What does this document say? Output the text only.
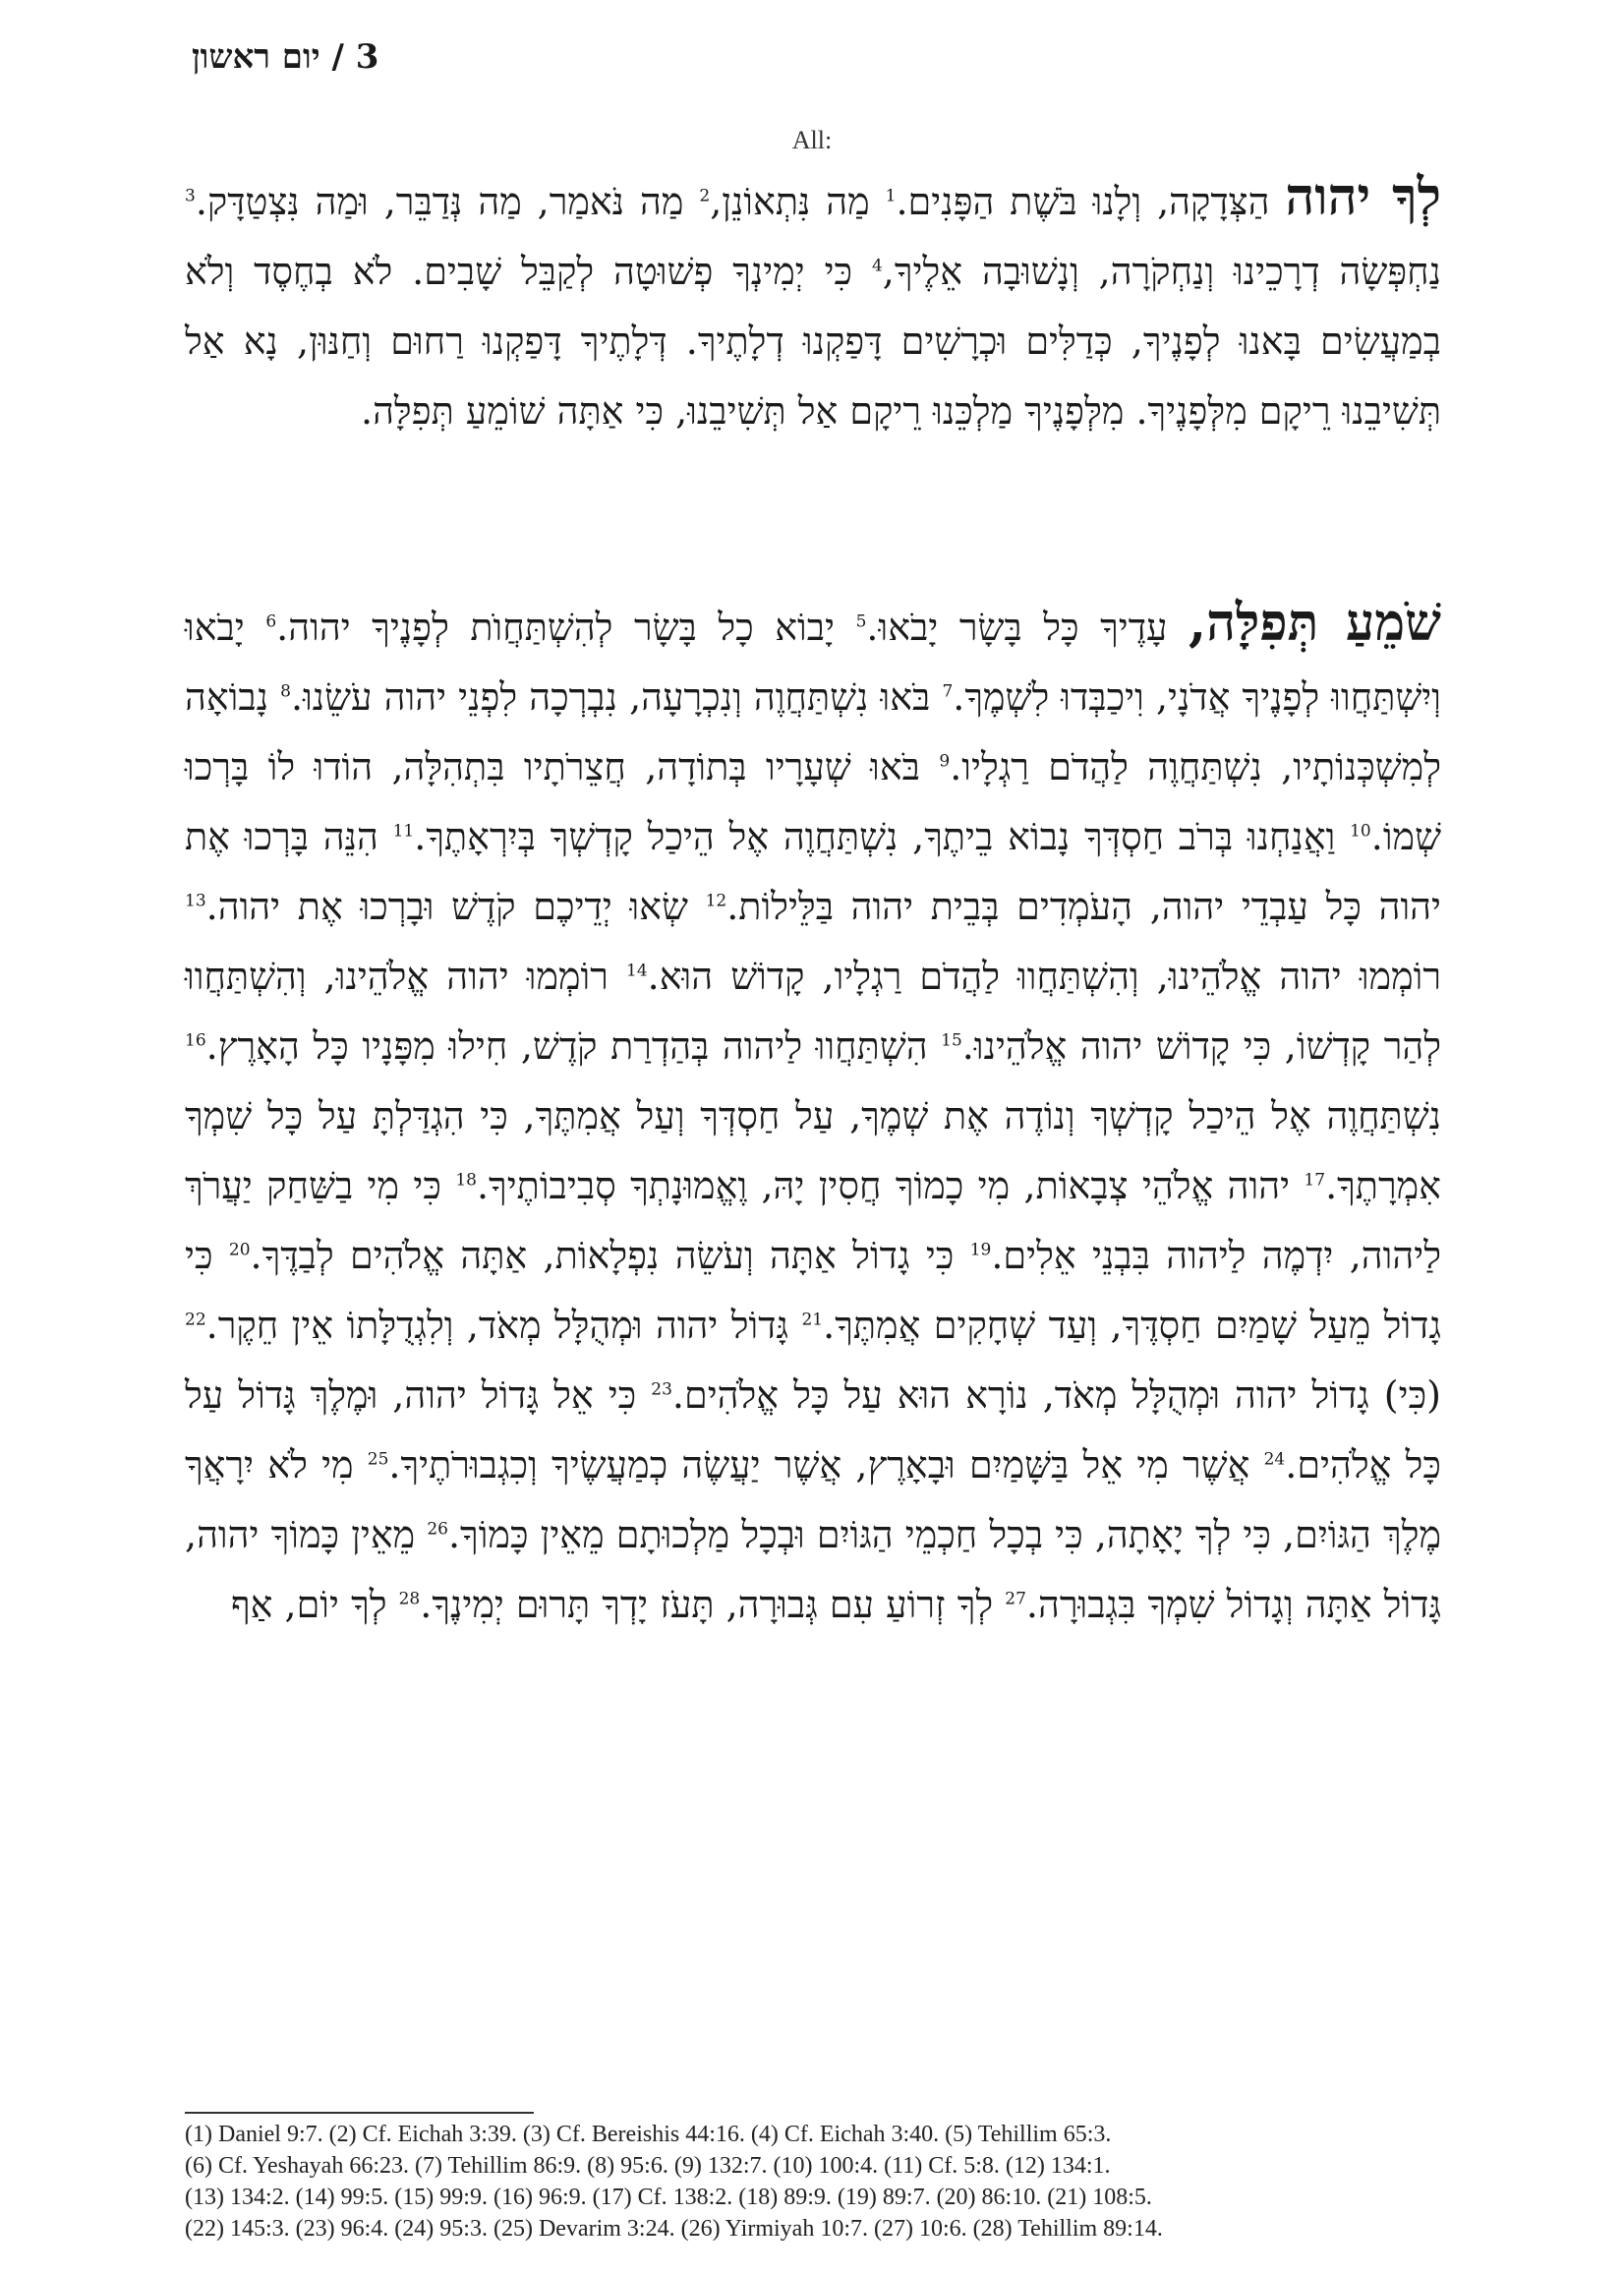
3 / יום ראשון
All:
לְךָ יהוה הַצְּדָקָה, וְלָנוּ בֹּשֶׁת הַפָּנִים.$^1$ מַה נִּתְאוֹנֵן,$^2$ מַה נֹּאמַר, מַה נְּדַבֵּר, וּמַה נִּצְטַדָּק.$^3$ נַחְפְּשָׂה דְרָכֵינוּ וְנַחְקֹרָה, וְנָשׁוּבָה אֵלֶיךָ,$^4$ כִּי יְמִינְךָ פְשׁוּטָה לְקַבֵּל שָׁבִים. לֹא בְחֶסֶד וְלֹא בְמַעֲשִׂים בָּאנוּ לְפָנֶיךָ, כְּדַלִּים וּכְרָשִׁים דָּפַקְנוּ דְלָתֶיךָ. דְּלָתֶיךָ דָּפַקְנוּ רַחוּם וְחַנּוּן, נָא אַל תְּשִׁיבֵנוּ רֵיקָם מִלְּפָנֶיךָ. מִלְּפָנֶיךָ מַלְכֵּנוּ רֵיקָם אַל תְּשִׁיבֵנוּ, כִּי אַתָּה שׁוֹמֵעַ תְּפִלָּה.
שֹׁמֵעַ תְּפִלָּה, עָדֶיךָ כָּל בָּשָׂר יָבֹאוּ.$^5$ יָבוֹא כָל בָּשָׂר לְהִשְׁתַּחֲוֺת לְפָנֶיךָ יהוה.$^6$ יָבֹאוּ וְיִשְׁתַּחֲווּ לְפָנֶיךָ אֲדֹנָי, וִיכַבְּדוּ לִשְׁמֶךָ.$^7$ בֹּאוּ נִשְׁתַּחֲוֶה וְנִכְרָעָה, נִבְרְכָה לִפְנֵי יהוה עֹשֵׂנוּ.$^8$ נָבוֹאָה לְמִשְׁכְּנוֹתָיו, נִשְׁתַּחֲוֶה לַהֲדֹם רַגְלָיו.$^9$ בֹּאוּ שְׁעָרָיו בְּתוֹדָה, חֲצֵרֹתָיו בִּתְהִלָּה, הוֹדוּ לוֹ בָּרְכוּ שְׁמוֹ.$^{10}$ וַאֲנַחְנוּ בְּרֹב חַסְדְּךָ נָבוֹא בֵיתֶךָ, נִשְׁתַּחֲוֶה אֶל הֵיכַל קָדְשְׁךָ בְּיִרְאָתֶךָ.$^{11}$ הִנֵּה בָּרְכוּ אֶת יהוה כָּל עַבְדֵי יהוה, הָעֹמְדִים בְּבֵית יהוה בַּלֵּילוֹת.$^{12}$ שְׂאוּ יְדֵיכֶם קֹדֶשׁ וּבָרְכוּ אֶת יהוה.$^{13}$ רוֹמְמוּ יהוה אֱלֹהֵינוּ, וְהִשְׁתַּחֲווּ לַהֲדֹם רַגְלָיו, קָדוֹשׁ הוּא.$^{14}$ רוֹמְמוּ יהוה אֱלֹהֵינוּ, וְהִשְׁתַּחֲווּ לְהַר קָדְשׁוֹ, כִּי קָדוֹשׁ יהוה אֱלֹהֵינוּ.$^{15}$ הִשְׁתַּחֲווּ לַיהוה בְּהַדְרַת קֹדֶשׁ, חִילוּ מִפָּנָיו כָּל הָאָרֶץ.$^{16}$ נִשְׁתַּחֲוֶה אֶל הֵיכַל קָדְשְׁךָ וְנוֹדֶה אֶת שְׁמֶךָ, עַל חַסְדְּךָ וְעַל אֲמִתֶּךָ, כִּי הִגְדַּלְתָּ עַל כָּל שִׁמְךָ אִמְרָתֶךָ.$^{17}$ יהוה אֱלֹהֵי צְבָאוֹת, מִי כָמוֹךָ חֲסִין יָהּ, וֶאֱמוּנָתְךָ סְבִיבוֹתֶיךָ.$^{18}$ כִּי מִי בַשַּׁחַק יַעֲרֹךְ לַיהוה, יִדְמֶה לַיהוה בִּבְנֵי אֵלִים.$^{19}$ כִּי גָדוֹל אַתָּה וְעֹשֵׂה נִפְלָאוֹת, אַתָּה אֱלֹהִים לְבַדֶּךָ.$^{20}$ כִּי גָדוֹל מֵעַל שָׁמַיִם חַסְדֶּךָ, וְעַד שְׁחָקִים אֲמִתֶּךָ.$^{21}$ גָּדוֹל יהוה וּמְהֻלָּל מְאֹד, וְלִגְדֻלָּתוֹ אֵין חֵקֶר.$^{22}$ (כִּי) גָדוֹל יהוה וּמְהֻלָּל מְאֹד, נוֹרָא הוּא עַל כָּל אֱלֹהִים.$^{23}$ כִּי אֵל גָּדוֹל יהוה, וּמֶלֶךְ גָּדוֹל עַל כָּל אֱלֹהִים.$^{24}$ אֲשֶׁר מִי אֵל בַּשָּׁמַיִם וּבָאָרֶץ, אֲשֶׁר יַעֲשֶׂה כְמַעֲשֶׂיךָ וְכִגְבוּרֹתֶיךָ.$^{25}$ מִי לֹא יִרָאֲךָ מֶלֶךְ הַגּוֹיִם, כִּי לְךָ יָאָתָה, כִּי בְכָל חַכְמֵי הַגּוֹיִם וּבְכָל מַלְכוּתָם מֵאֵין כָּמוֹךָ.$^{26}$ מֵאֵין כָּמוֹךָ יהוה, גָּדוֹל אַתָּה וְגָדוֹל שִׁמְךָ בִּגְבוּרָה.$^{27}$ לְךָ זְרוֹעַ עִם גְּבוּרָה, תָּעֹז יָדְךָ תָּרוּם יְמִינֶךָ.$^{28}$ לְךָ יוֹם, אַף
(1) Daniel 9:7. (2) Cf. Eichah 3:39. (3) Cf. Bereishis 44:16. (4) Cf. Eichah 3:40. (5) Tehillim 65:3.
(6) Cf. Yeshayah 66:23. (7) Tehillim 86:9. (8) 95:6. (9) 132:7. (10) 100:4. (11) Cf. 5:8. (12) 134:1.
(13) 134:2. (14) 99:5. (15) 99:9. (16) 96:9. (17) Cf. 138:2. (18) 89:9. (19) 89:7. (20) 86:10. (21) 108:5.
(22) 145:3. (23) 96:4. (24) 95:3. (25) Devarim 3:24. (26) Yirmiyah 10:7. (27) 10:6. (28) Tehillim 89:14.
